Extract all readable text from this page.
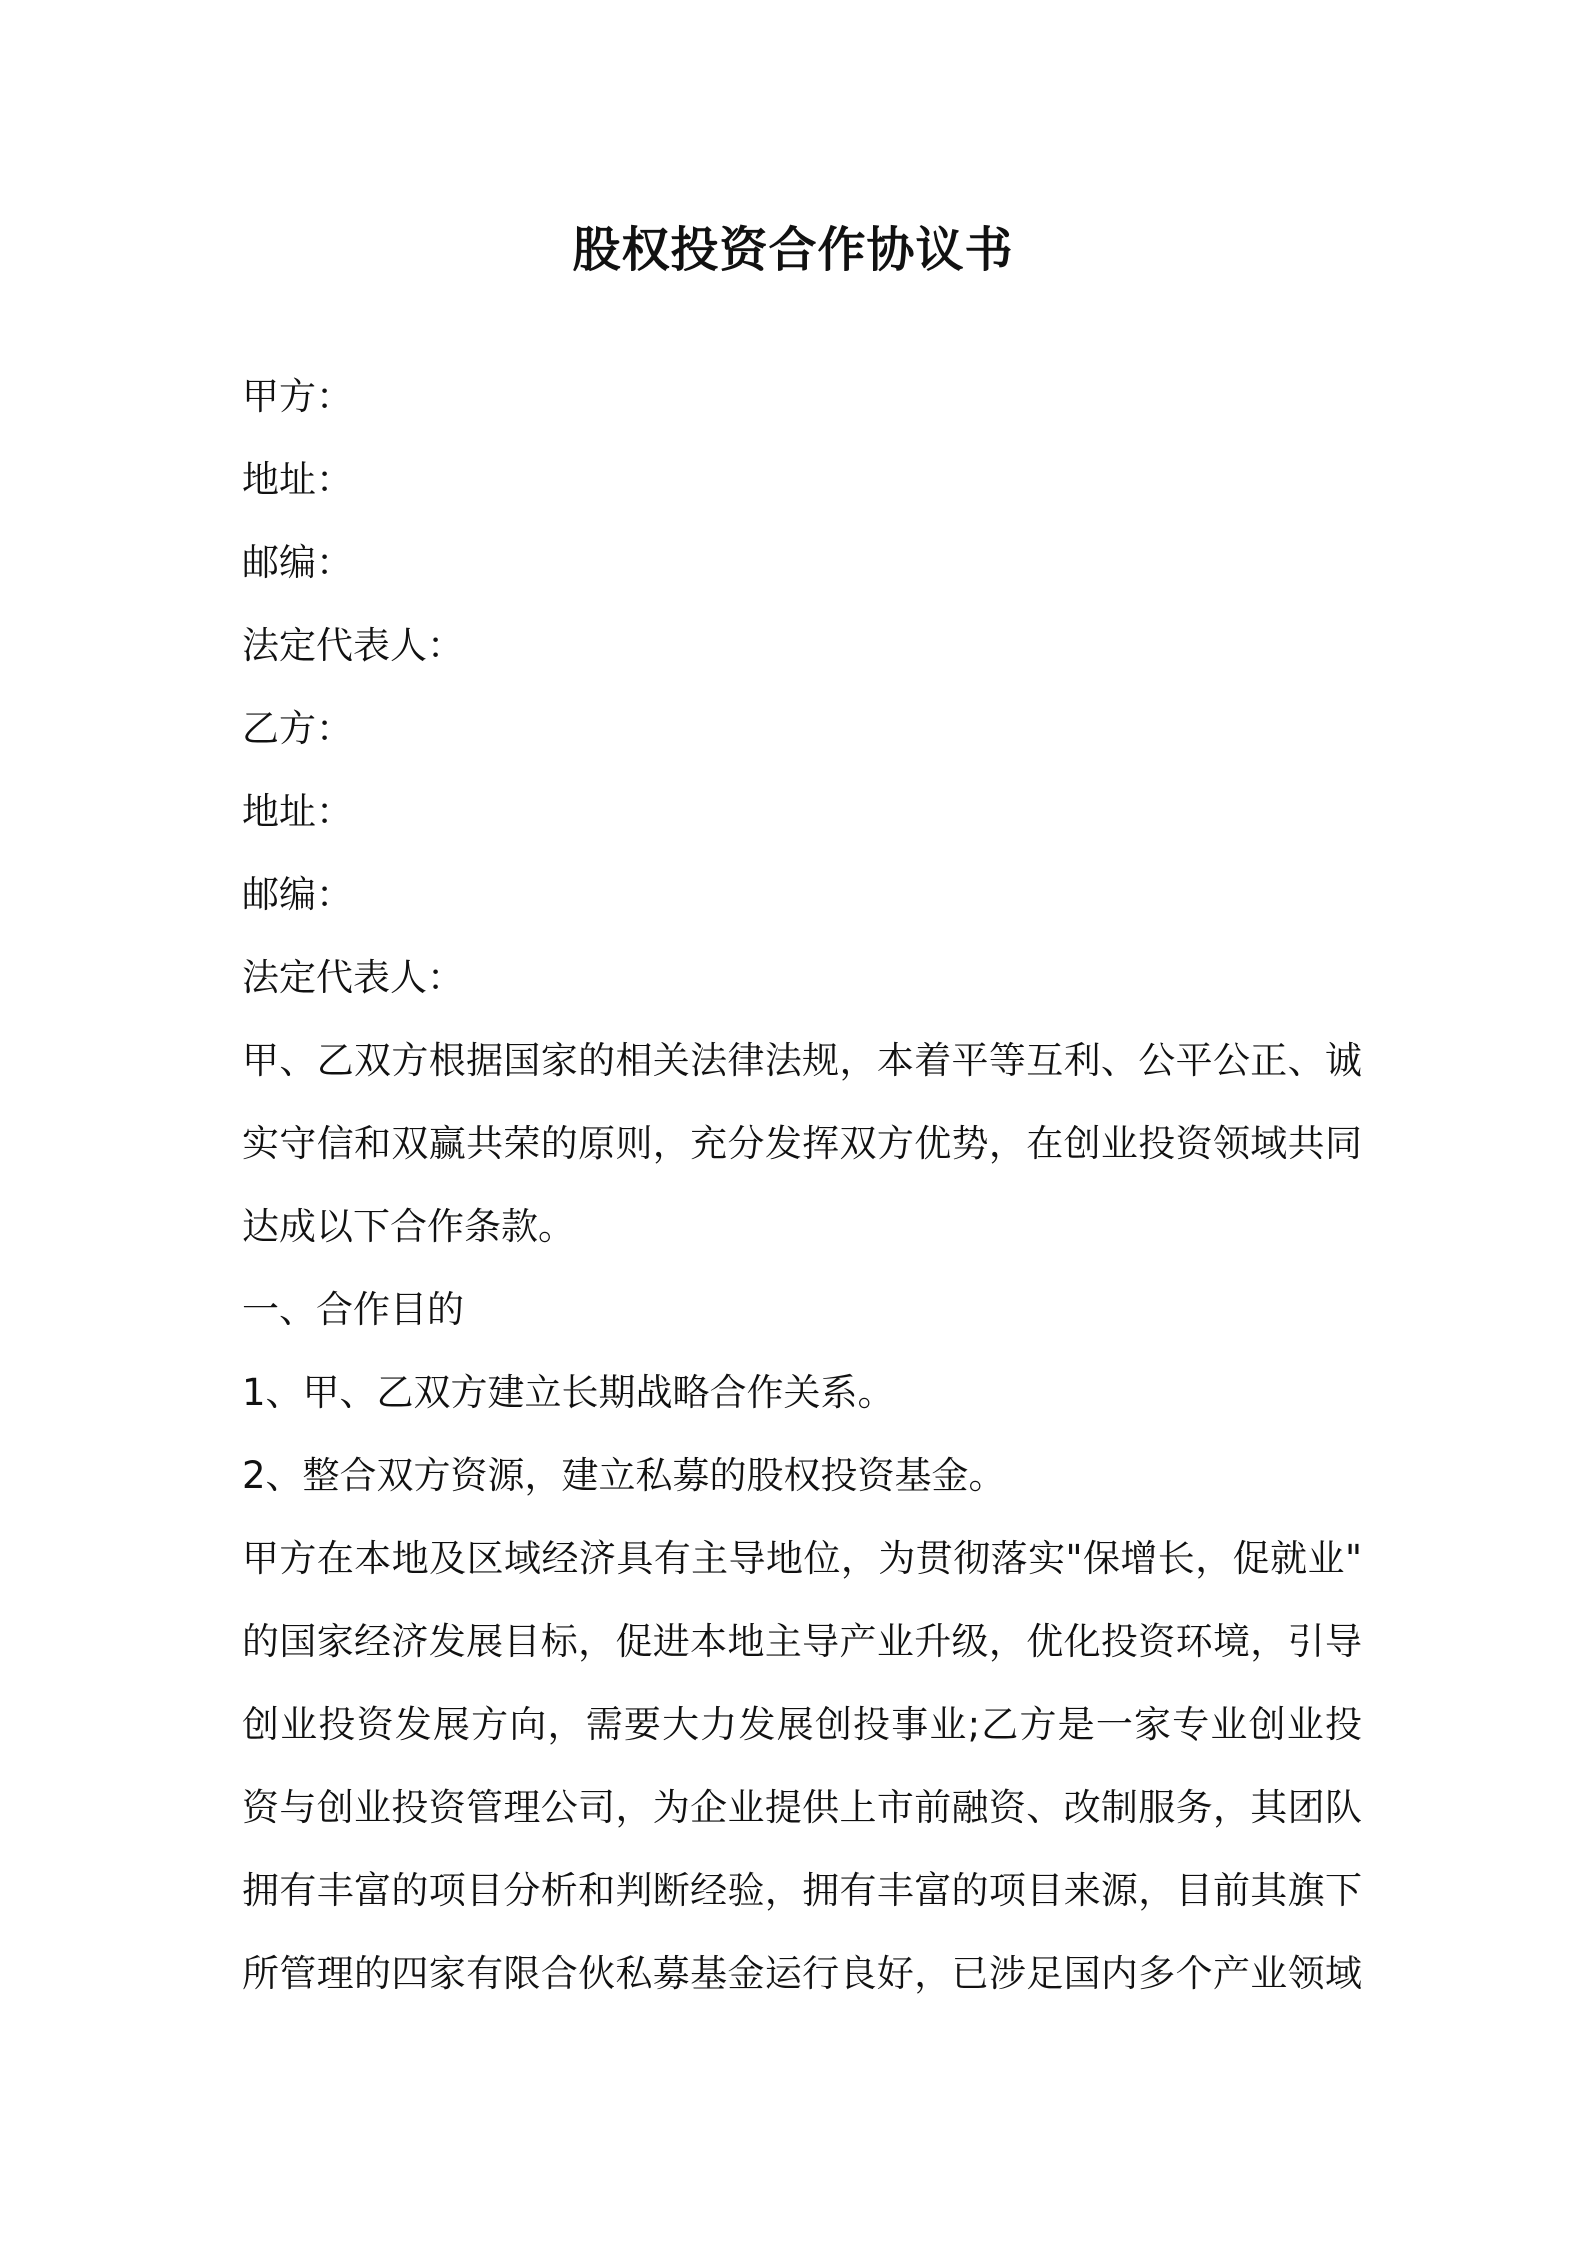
股权投资合作协议书
甲方：
地址：
邮编：
法定代表人：
乙方：
地址：
邮编：
法定代表人：
甲、乙双方根据国家的相关法律法规，本着平等互利、公平公正、诚
实守信和双赢共荣的原则，充分发挥双方优势，在创业投资领域共同
达成以下合作条款。
一、合作目的
1、甲、乙双方建立长期战略合作关系。
2、整合双方资源，建立私募的股权投资基金。
甲方在本地及区域经济具有主导地位，为贯彻落实"保增长，促就业"
的国家经济发展目标，促进本地主导产业升级，优化投资环境，引导
创业投资发展方向，需要大力发展创投事业;乙方是一家专业创业投
资与创业投资管理公司，为企业提供上市前融资、改制服务，其团队
拥有丰富的项目分析和判断经验，拥有丰富的项目来源，目前其旗下
所管理的四家有限合伙私募基金运行良好，已涉足国内多个产业领域
